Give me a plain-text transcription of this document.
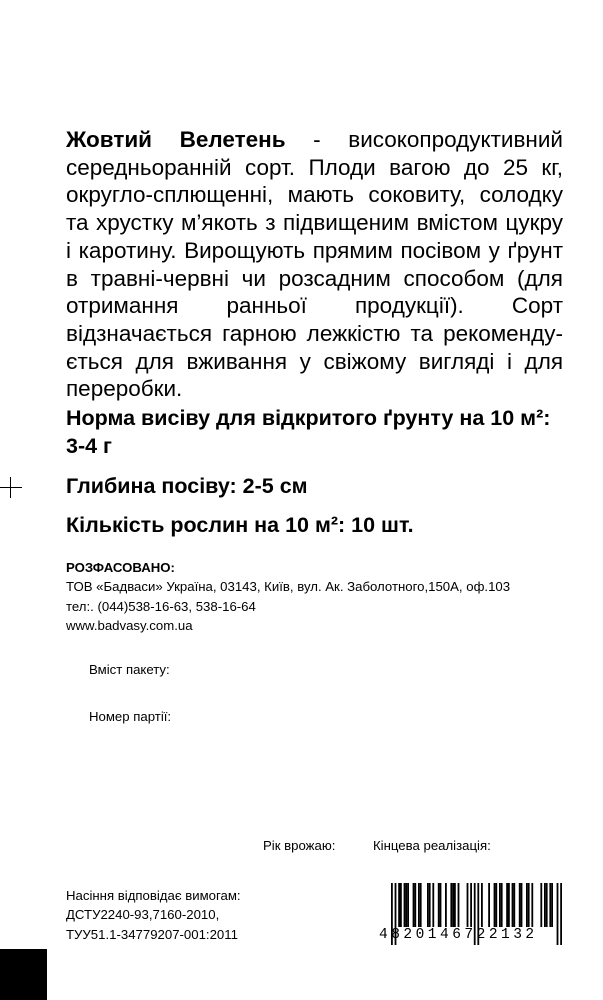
Жовтий Велетень - високопродуктивний середньоранній сорт. Плоди вагою до 25 кг, округло-сплющенні, мають соковиту, солодку та хрустку м’якоть з підвищеним вмістом цукру і каротину. Вирощують прямим посівом у ґрунт в травні-червні чи розсадним способом (для отримання ранньої продукції). Сорт відзначається гарною лежкістю та рекомендується для вживання у свіжому вигляді і для переробки.
Норма висіву для відкритого ґрунту на 10 м²:
3-4 г
Глибина посіву: 2-5 см
Кількість рослин на 10 м²: 10 шт.
РОЗФАСОВАНО:
ТОВ «Бадваси» Україна, 03143, Київ, вул. Ак. Заболотного,150А, оф.103
тел:. (044)538-16-63, 538-16-64
www.badvasy.com.ua
Вміст пакету:
Номер партії:
Рік врожаю:	Кінцева реалізація:
Насіння відповідає вимогам:
ДСТУ2240-93,7160-2010,
ТУУ51.1-34779207-001:2011	4820146722132
